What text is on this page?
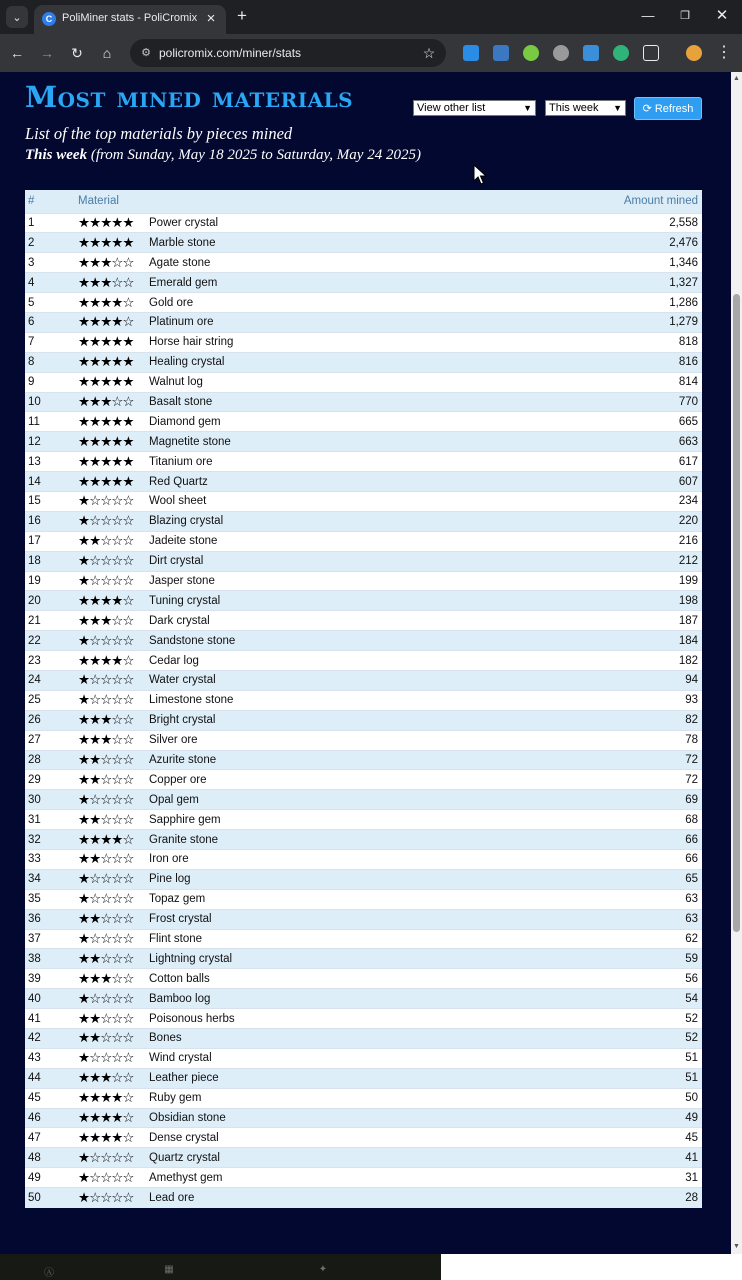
⌄	C PoliMiner stats - PoliCromix × +	—	❐	✕
← →	↻	⌂	⚙ policromix.com/miner/stats	☆	⋮
Most mined materials	View other list	▼	This week ▼ ⟳ Refresh
List of the top materials by pieces mined
This week (from Sunday, May 18 2025 to Saturday, May 24 2025)
#	Material	Amount mined
1	★★★★★ Power crystal	2,558
2	★★★★★ Marble stone	2,476
3	★★★☆☆ Agate stone	1,346
4	★★★☆☆ Emerald gem	1,327
5	★★★★☆ Gold ore	1,286
6	★★★★☆ Platinum ore	1,279
7	★★★★★ Horse hair string	818
8	★★★★★ Healing crystal	816
9	★★★★★ Walnut log	814
10	★★★☆☆ Basalt stone	770
11	★★★★★ Diamond gem	665
12	★★★★★ Magnetite stone	663
13	★★★★★ Titanium ore	617
14	★★★★★ Red Quartz	607
15	★☆☆☆☆ Wool sheet	234
16	★☆☆☆☆ Blazing crystal	220
17	★★☆☆☆ Jadeite stone	216
18	★☆☆☆☆ Dirt crystal	212
19	★☆☆☆☆ Jasper stone	199
20	★★★★☆ Tuning crystal	198
21	★★★☆☆ Dark crystal	187
22	★☆☆☆☆ Sandstone stone	184
23	★★★★☆ Cedar log	182
24	★☆☆☆☆ Water crystal	94
25	★☆☆☆☆ Limestone stone	93
26	★★★☆☆ Bright crystal	82
27	★★★☆☆ Silver ore	78
28	★★☆☆☆ Azurite stone	72
29	★★☆☆☆ Copper ore	72
30	★☆☆☆☆ Opal gem	69
31	★★☆☆☆ Sapphire gem	68
32	★★★★☆ Granite stone	66
33	★★☆☆☆ Iron ore	66
34	★☆☆☆☆ Pine log	65
35	★☆☆☆☆ Topaz gem	63
36	★★☆☆☆ Frost crystal	63
37	★☆☆☆☆ Flint stone	62
38	★★☆☆☆ Lightning crystal	59
39	★★★☆☆ Cotton balls	56
40	★☆☆☆☆ Bamboo log	54
41	★★☆☆☆ Poisonous herbs	52
42	★★☆☆☆ Bones	52
43	★☆☆☆☆ Wind crystal	51
44	★★★☆☆ Leather piece	51
45	★★★★☆ Ruby gem	50
46	★★★★☆ Obsidian stone	49
47	★★★★☆ Dense crystal	45
48	★☆☆☆☆ Quartz crystal	41
49	★☆☆☆☆ Amethyst gem	31
50	★☆☆☆☆ Lead ore	28
▲
▼
Ⓐ	▦	✦
